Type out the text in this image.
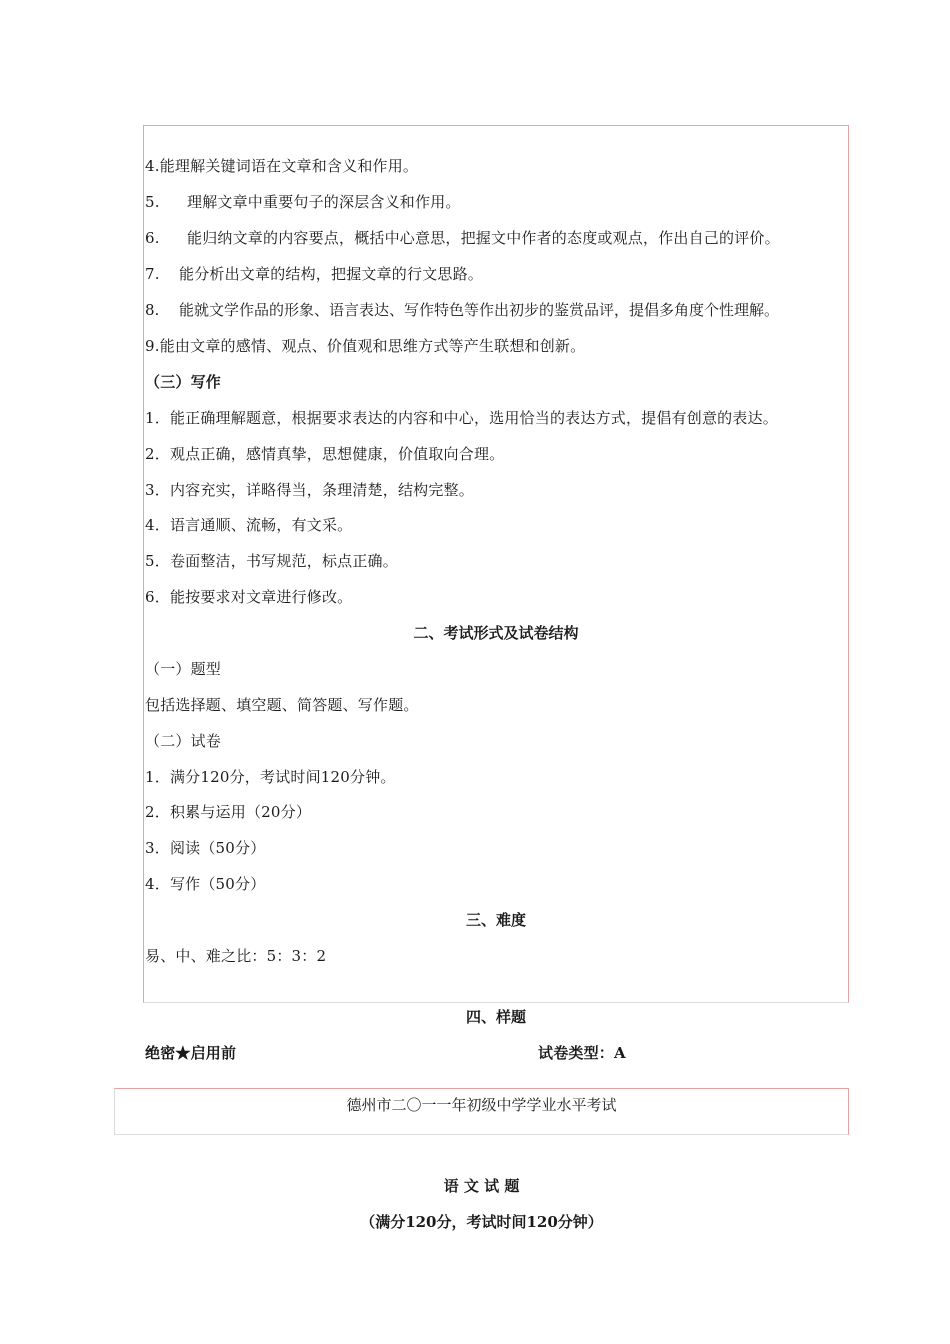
4.能理解关键词语在文章和含义和作用。
5. 理解文章中重要句子的深层含义和作用。
6. 能归纳文章的内容要点，概括中心意思，把握文中作者的态度或观点，作出自己的评价。
7. 能分析出文章的结构，把握文章的行文思路。
8. 能就文学作品的形象、语言表达、写作特色等作出初步的鉴赏品评，提倡多角度个性理解。
9.能由文章的感情、观点、价值观和思维方式等产生联想和创新。
（三）写作
1．能正确理解题意，根据要求表达的内容和中心，选用恰当的表达方式，提倡有创意的表达。
2．观点正确，感情真挚，思想健康，价值取向合理。
3．内容充实，详略得当，条理清楚，结构完整。
4．语言通顺、流畅，有文采。
5．卷面整洁，书写规范，标点正确。
6．能按要求对文章进行修改。
二、考试形式及试卷结构
（一）题型
包括选择题、填空题、简答题、写作题。
（二）试卷
1．满分120分，考试时间120分钟。
2．积累与运用（20分）
3．阅读（50分）
4．写作（50分）
三、难度
易、中、难之比：5：3：2
四、样题
绝密★启用前	试卷类型：A
德州市二〇一一年初级中学学业水平考试
语 文 试 题
（满分120分，考试时间120分钟）
